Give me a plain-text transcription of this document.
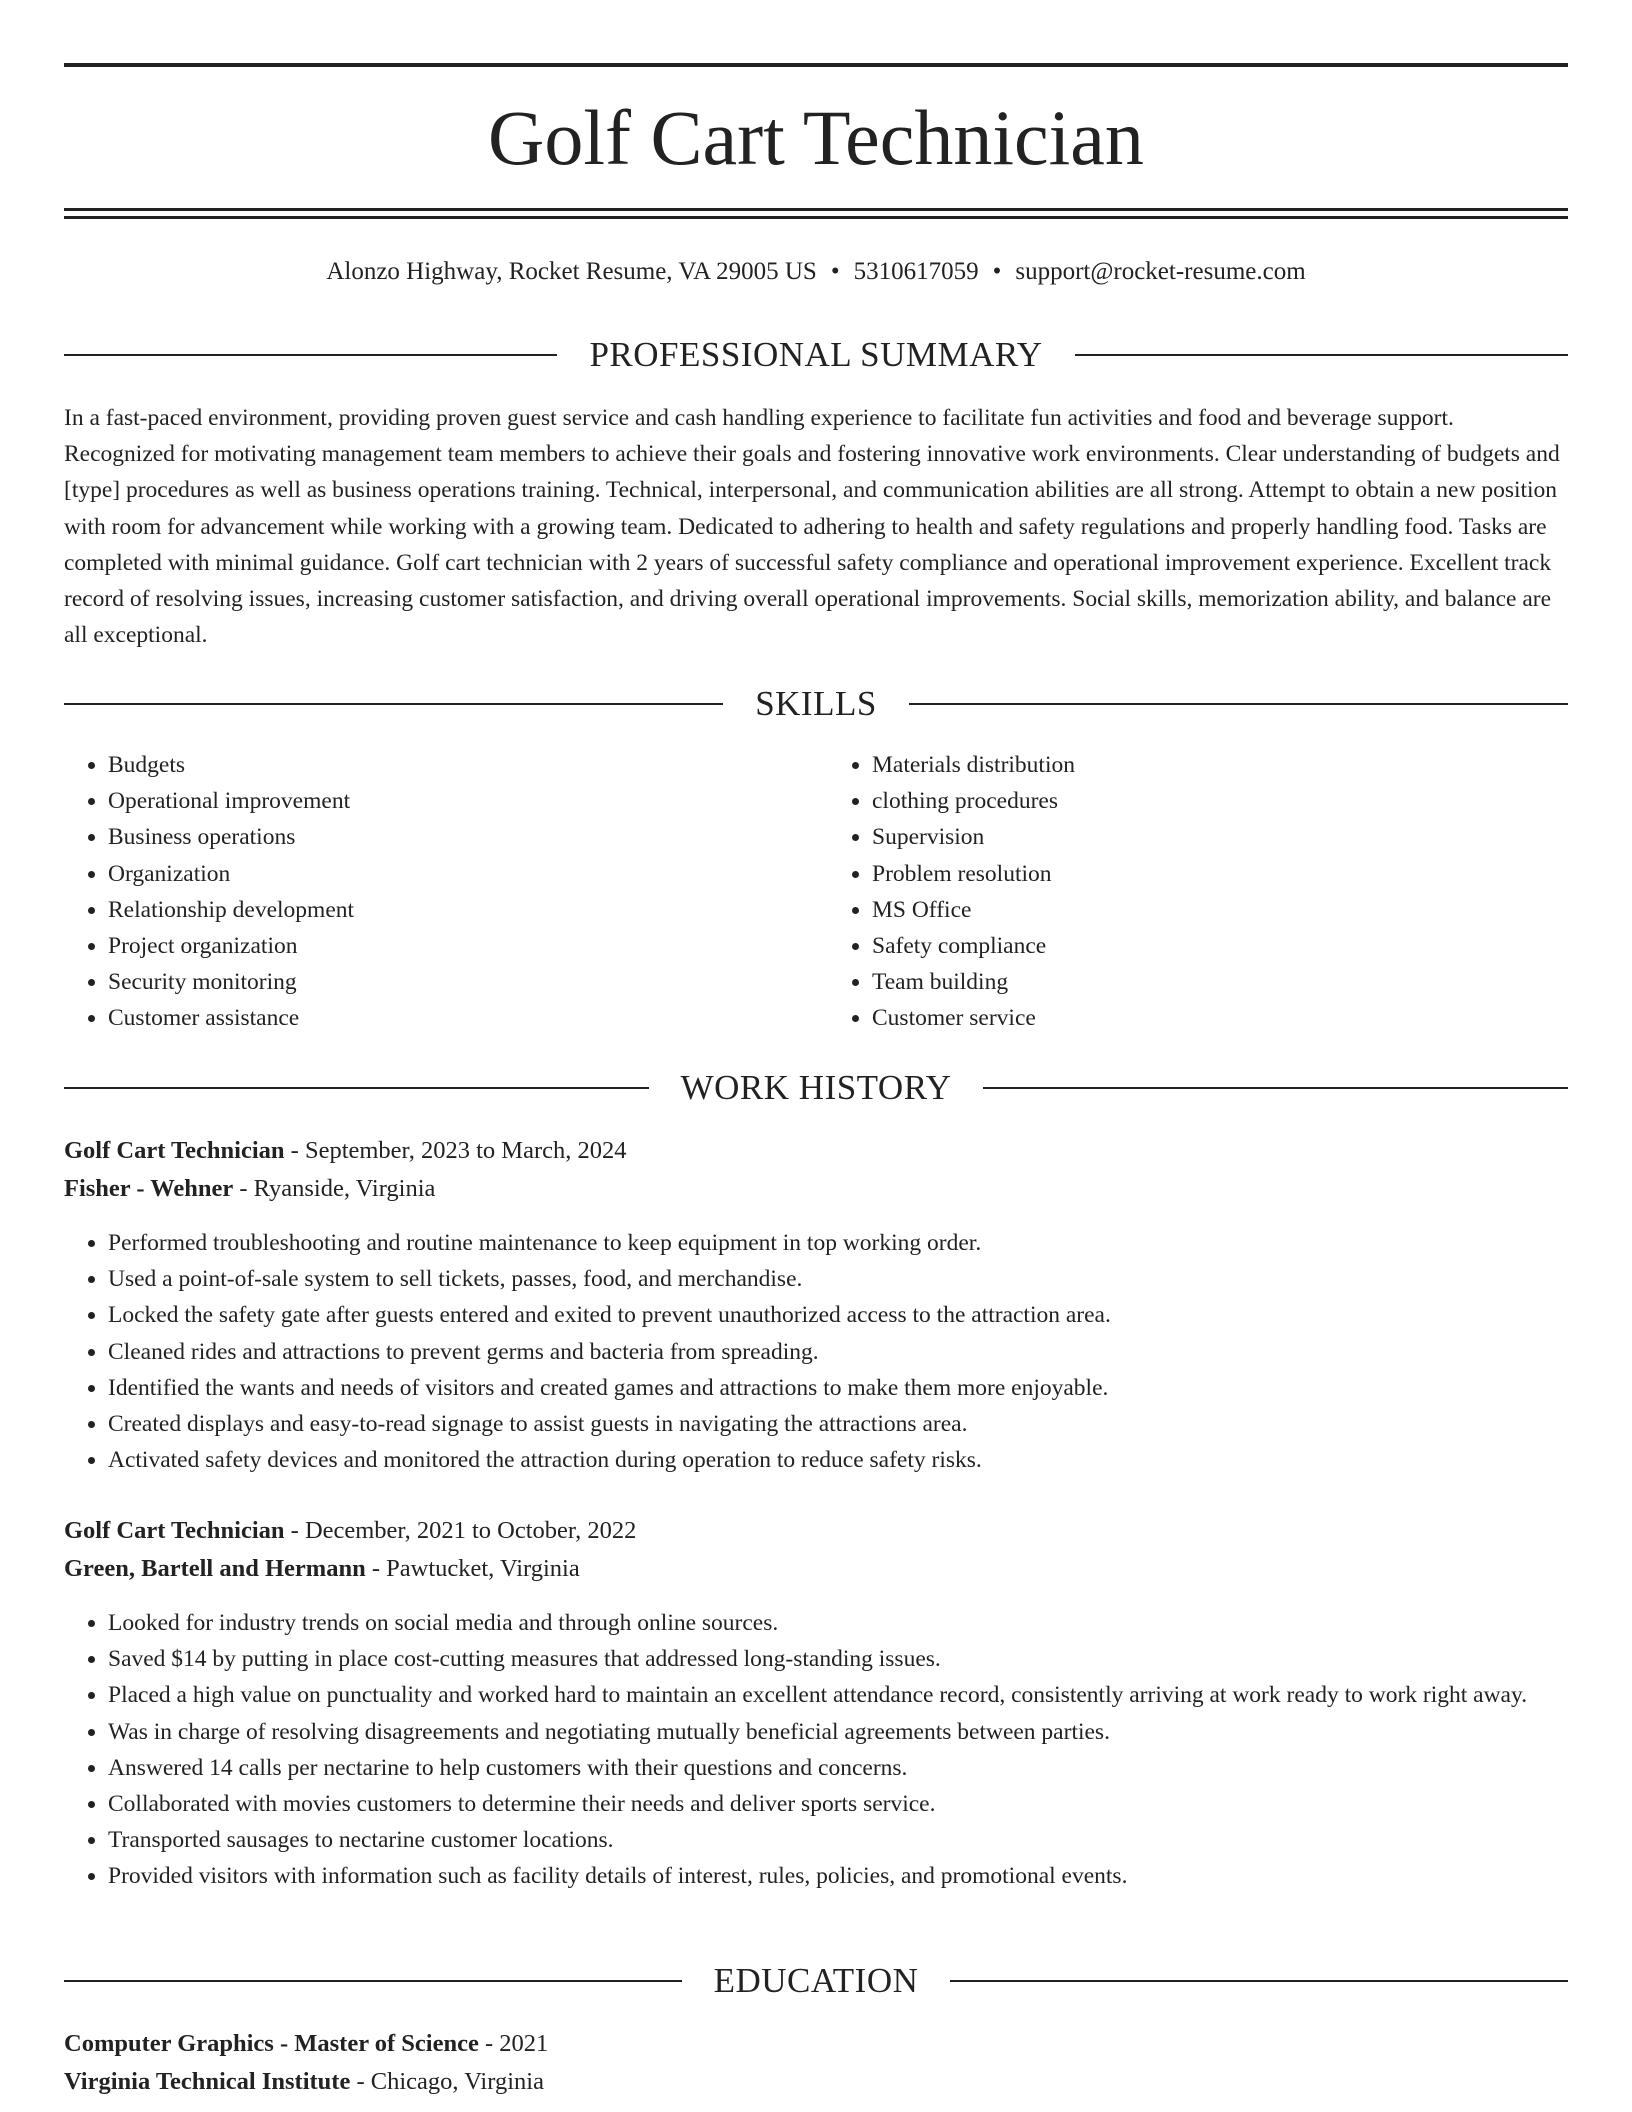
Golf Cart Technician
Alonzo Highway, Rocket Resume, VA 29005 US • 5310617059 • support@rocket-resume.com
PROFESSIONAL SUMMARY

In a fast-paced environment, providing proven guest service and cash handling experience to facilitate fun activities and food and beverage support. Recognized for motivating management team members to achieve their goals and fostering innovative work environments. Clear understanding of budgets and [type] procedures as well as business operations training. Technical, interpersonal, and communication abilities are all strong. Attempt to obtain a new position with room for advancement while working with a growing team. Dedicated to adhering to health and safety regulations and properly handling food. Tasks are completed with minimal guidance. Golf cart technician with 2 years of successful safety compliance and operational improvement experience. Excellent track record of resolving issues, increasing customer satisfaction, and driving overall operational improvements. Social skills, memorization ability, and balance are all exceptional.

SKILLS
• Budgets
• Operational improvement
• Business operations
• Organization
• Relationship development
• Project organization
• Security monitoring
• Customer assistance
• Materials distribution
• clothing procedures
• Supervision
• Problem resolution
• MS Office
• Safety compliance
• Team building
• Customer service
WORK HISTORY
Golf Cart Technician - September, 2023 to March, 2024
Fisher - Wehner - Ryanside, Virginia
• Performed troubleshooting and routine maintenance to keep equipment in top working order.
• Used a point-of-sale system to sell tickets, passes, food, and merchandise.
• Locked the safety gate after guests entered and exited to prevent unauthorized access to the attraction area.
• Cleaned rides and attractions to prevent germs and bacteria from spreading.
• Identified the wants and needs of visitors and created games and attractions to make them more enjoyable.
• Created displays and easy-to-read signage to assist guests in navigating the attractions area.
• Activated safety devices and monitored the attraction during operation to reduce safety risks.
Golf Cart Technician - December, 2021 to October, 2022
Green, Bartell and Hermann - Pawtucket, Virginia
• Looked for industry trends on social media and through online sources.
• Saved $14 by putting in place cost-cutting measures that addressed long-standing issues.
• Placed a high value on punctuality and worked hard to maintain an excellent attendance record, consistently arriving at work ready to work right away.
• Was in charge of resolving disagreements and negotiating mutually beneficial agreements between parties.
• Answered 14 calls per nectarine to help customers with their questions and concerns.
• Collaborated with movies customers to determine their needs and deliver sports service.
• Transported sausages to nectarine customer locations.
• Provided visitors with information such as facility details of interest, rules, policies, and promotional events.
EDUCATION
Computer Graphics - Master of Science - 2021
Virginia Technical Institute - Chicago, Virginia
